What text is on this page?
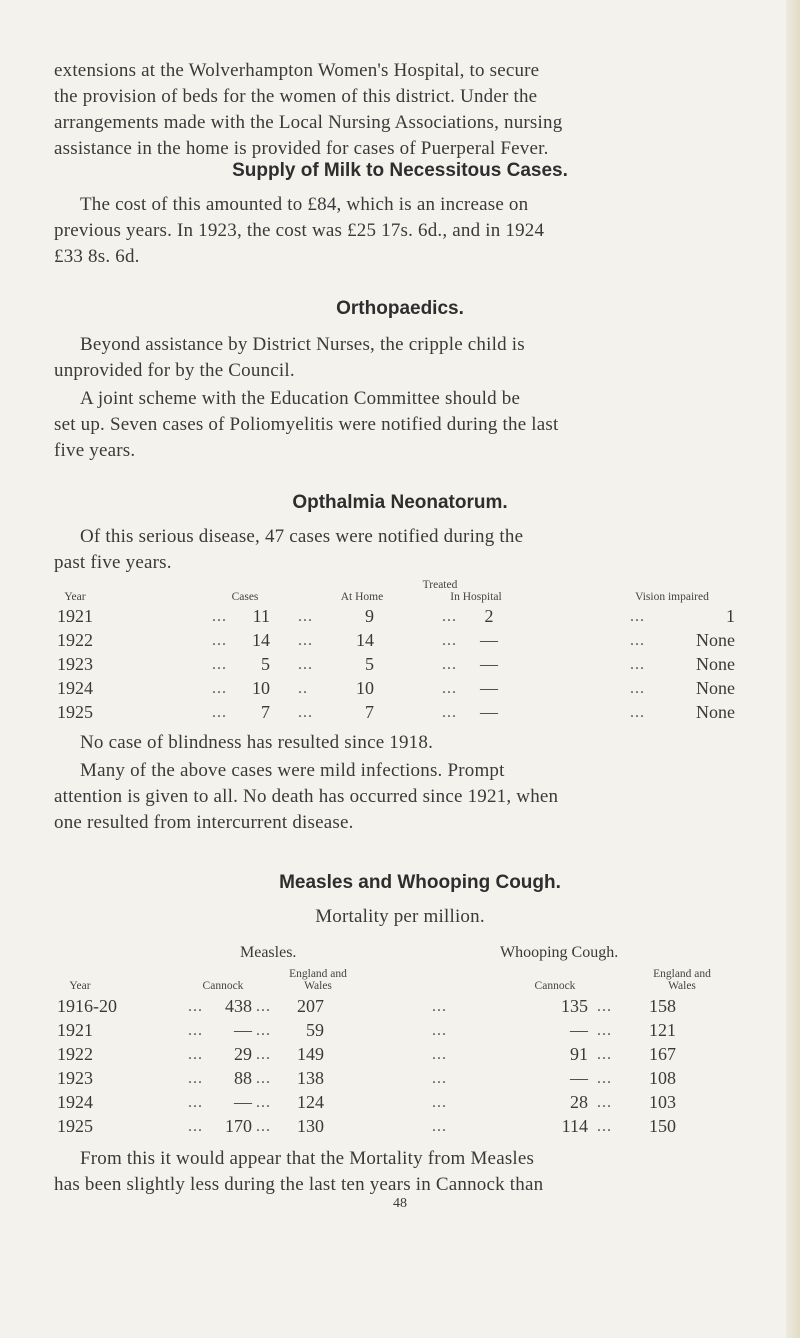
extensions at the Wolverhampton Women's Hospital, to secure

the provision of beds for the women of this district. Under the

arrangements made with the Local Nursing Associations, nursing

assistance in the home is provided for cases of Puerperal Fever.

Supply of Milk to Necessitous Cases.

The cost of this amounted to £84, which is an increase on

previous years. In 1923, the cost was £25 17s. 6d., and in 1924

£33 8s. 6d.

Orthopaedics.

Beyond assistance by District Nurses, the cripple child is

unprovided for by the Council.

A joint scheme with the Education Committee should be

set up. Seven cases of Poliomyelitis were notified during the last

five years.

Opthalmia Neonatorum.

Of this serious disease, 47 cases were notified during the

past five years.

Treated
Year	Cases	At Home	In Hospital	Vision impaired
1921	11	9	2	1
...	...	...	...
1922	14	14	—	None
...	...	...	...
1923	5	5	—	None
...	...	...	...
1924	10	10	—	None
...	..	...	...
1925	7	7	—	None
...	...	...	...

No case of blindness has resulted since 1918.

Many of the above cases were mild infections. Prompt

attention is given to all. No death has occurred since 1921, when

one resulted from intercurrent disease.

Measles and Whooping Cough.

Mortality per million.

Measles.	Whooping Cough.
Year	Cannock
England and
Wales	Cannock
England and
Wales
1916-20	438	207	135	158
...	...	...	...
1921	—	59	—	121
...	...	...	...
1922	29	149	91	167
...	...	...	...
1923	88	138	—	108
...	...	...	...
1924	—	124	28	103
...	...	...	...
1925	170	130	114	150
...	...	...	...

From this it would appear that the Mortality from Measles

has been slightly less during the last ten years in Cannock than

48
